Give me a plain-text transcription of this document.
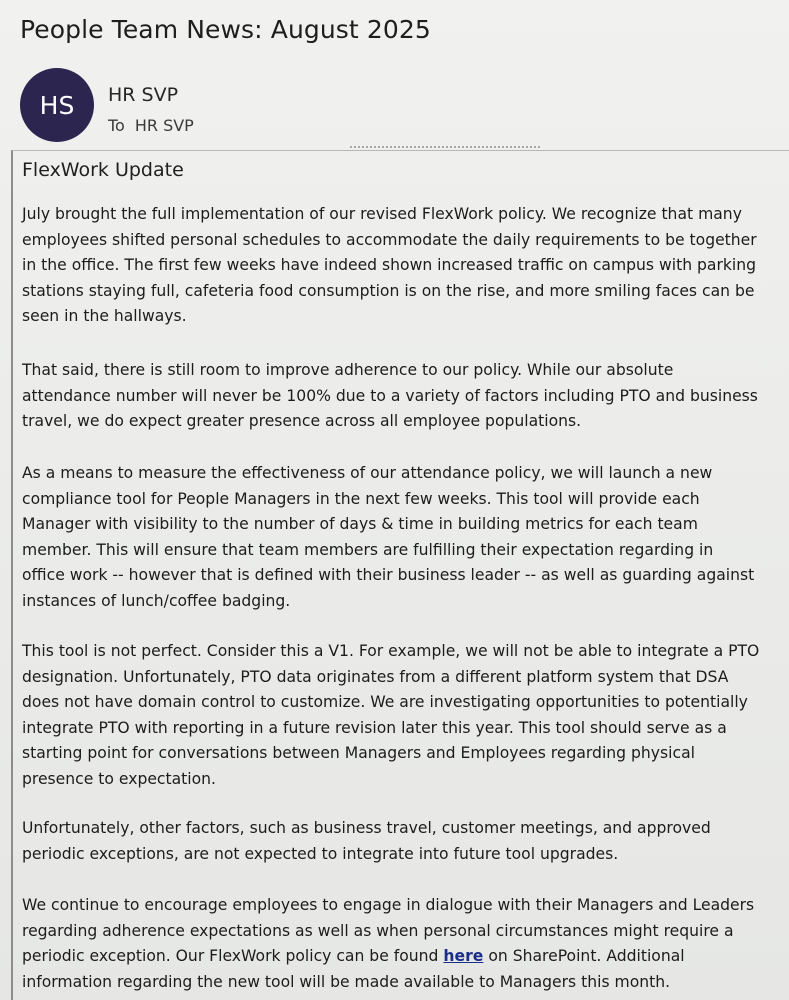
People Team News: August 2025
HS HR SVP
To HR SVP
FlexWork Update
July brought the full implementation of our revised FlexWork policy. We recognize that many
employees shifted personal schedules to accommodate the daily requirements to be together
in the office. The first few weeks have indeed shown increased traffic on campus with parking
stations staying full, cafeteria food consumption is on the rise, and more smiling faces can be
seen in the hallways.
That said, there is still room to improve adherence to our policy. While our absolute
attendance number will never be 100% due to a variety of factors including PTO and business
travel, we do expect greater presence across all employee populations.
As a means to measure the effectiveness of our attendance policy, we will launch a new
compliance tool for People Managers in the next few weeks. This tool will provide each
Manager with visibility to the number of days & time in building metrics for each team
member. This will ensure that team members are fulfilling their expectation regarding in
office work -- however that is defined with their business leader -- as well as guarding against
instances of lunch/coffee badging.
This tool is not perfect. Consider this a V1. For example, we will not be able to integrate a PTO
designation. Unfortunately, PTO data originates from a different platform system that DSA
does not have domain control to customize. We are investigating opportunities to potentially
integrate PTO with reporting in a future revision later this year. This tool should serve as a
starting point for conversations between Managers and Employees regarding physical
presence to expectation.
Unfortunately, other factors, such as business travel, customer meetings, and approved
periodic exceptions, are not expected to integrate into future tool upgrades.
We continue to encourage employees to engage in dialogue with their Managers and Leaders
regarding adherence expectations as well as when personal circumstances might require a
periodic exception. Our FlexWork policy can be found here on SharePoint. Additional
information regarding the new tool will be made available to Managers this month.
